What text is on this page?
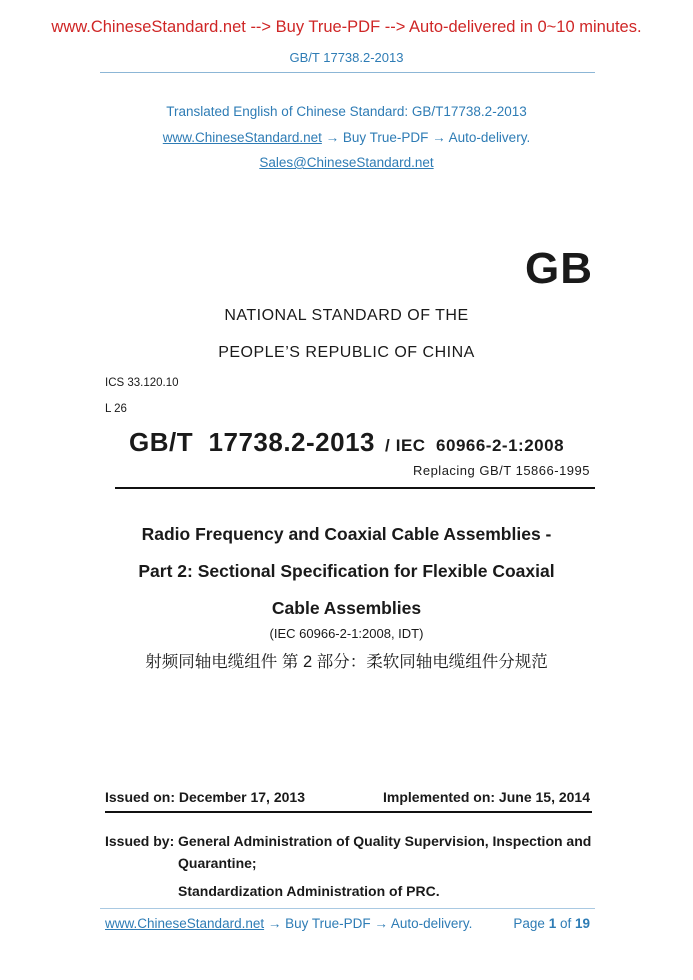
www.ChineseStandard.net --> Buy True-PDF --> Auto-delivered in 0~10 minutes.
GB/T 17738.2-2013
Translated English of Chinese Standard: GB/T17738.2-2013
www.ChineseStandard.net → Buy True-PDF → Auto-delivery.
Sales@ChineseStandard.net
GB
NATIONAL STANDARD OF THE
PEOPLE’S REPUBLIC OF CHINA
ICS 33.120.10
L 26
GB/T  17738.2-2013 / IEC  60966-2-1:2008
Replacing GB/T 15866-1995
Radio Frequency and Coaxial Cable Assemblies -
Part 2: Sectional Specification for Flexible Coaxial
Cable Assemblies
(IEC 60966-2-1:2008, IDT)
射频同轴电缆组件 第 2 部分：柔软同轴电缆组件分规范
Issued on: December 17, 2013	Implemented on: June 15, 2014
Issued by: General Administration of Quality Supervision, Inspection and
Quarantine;
Standardization Administration of PRC.
www.ChineseStandard.net → Buy True-PDF → Auto-delivery.	Page 1 of 19
